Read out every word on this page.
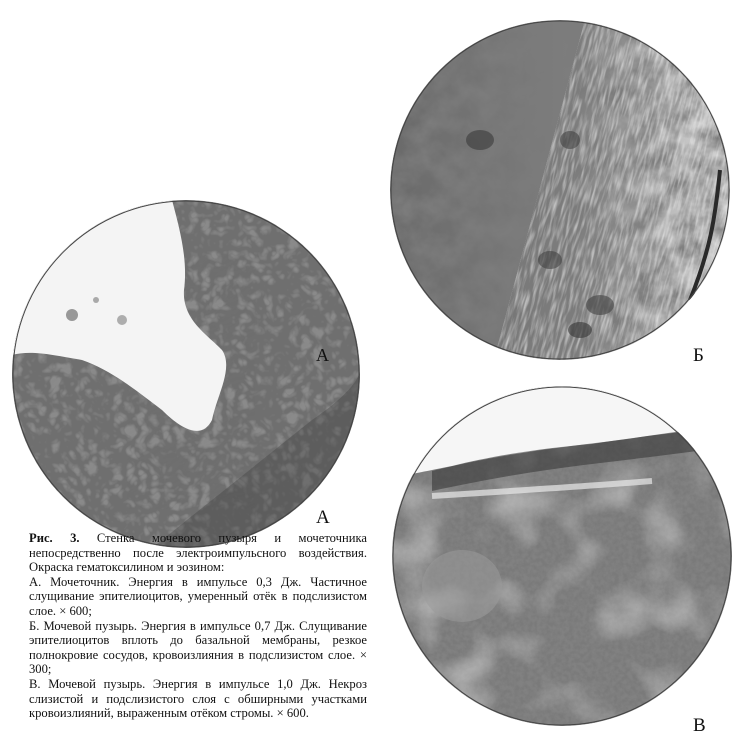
А
А
Б
В

Рис. 3. Стенка мочевого пузыря и мочеточника непосредственно после электроимпульсного воздействия. Окраска гематоксилином и эозином:

А. Мочеточник. Энергия в импульсе 0,3 Дж. Частичное слущивание эпителиоцитов, умеренный отёк в подслизистом слое. × 600;

Б. Мочевой пузырь. Энергия в импульсе 0,7 Дж. Слущивание эпителиоцитов вплоть до базальной мембраны, резкое полнокровие сосудов, кровоизлияния в подслизистом слое. × 300;

В. Мочевой пузырь. Энергия в импульсе 1,0 Дж. Некроз слизистой и подслизистого слоя с обширными участками кровоизлияний, выраженным отёком стромы. × 600.
